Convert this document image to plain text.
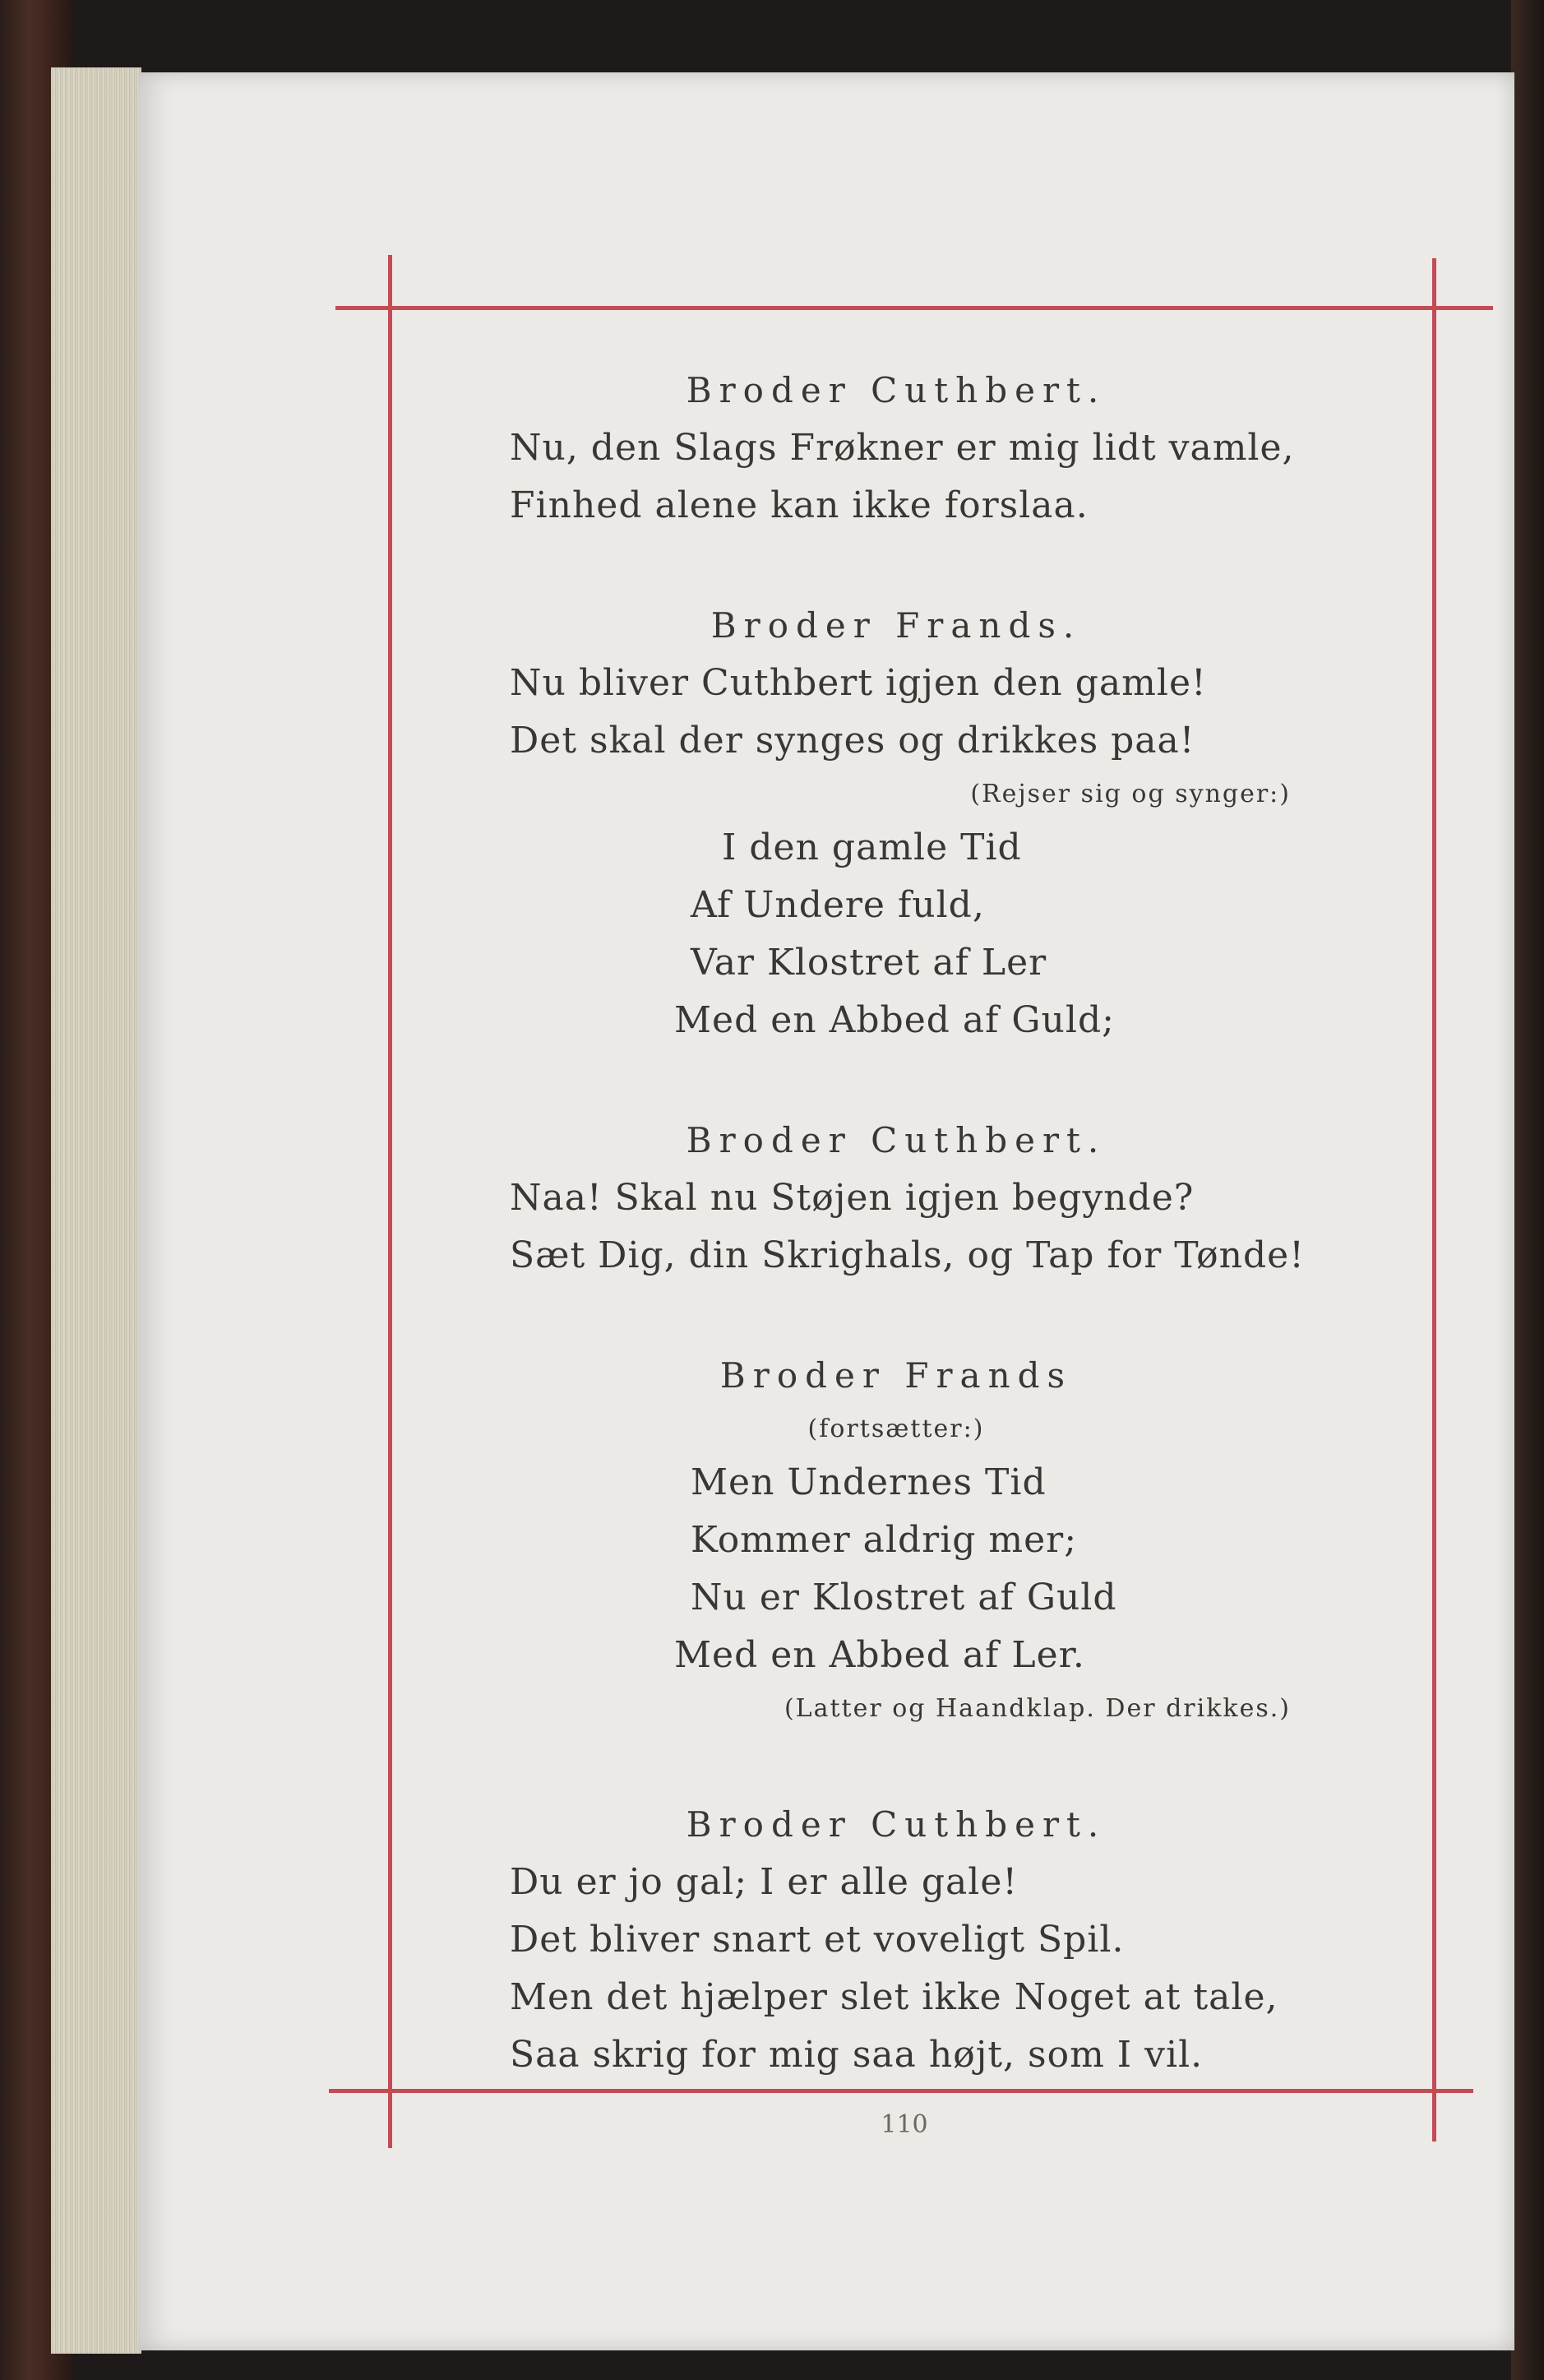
Broder Cuthbert.
Nu, den Slags Frøkner er mig lidt vamle,
Finhed alene kan ikke forslaa.
Broder Frands.
Nu bliver Cuthbert igjen den gamle!
Det skal der synges og drikkes paa!
(Rejser sig og synger:)
I den gamle Tid
Af Undere fuld,
Var Klostret af Ler
Med en Abbed af Guld;
Broder Cuthbert.
Naa! Skal nu Støjen igjen begynde?
Sæt Dig, din Skrighals, og Tap for Tønde!
Broder Frands
(fortsætter:)
Men Undernes Tid
Kommer aldrig mer;
Nu er Klostret af Guld
Med en Abbed af Ler.
(Latter og Haandklap. Der drikkes.)
Broder Cuthbert.
Du er jo gal; I er alle gale!
Det bliver snart et voveligt Spil.
Men det hjælper slet ikke Noget at tale,
Saa skrig for mig saa højt, som I vil.
110
